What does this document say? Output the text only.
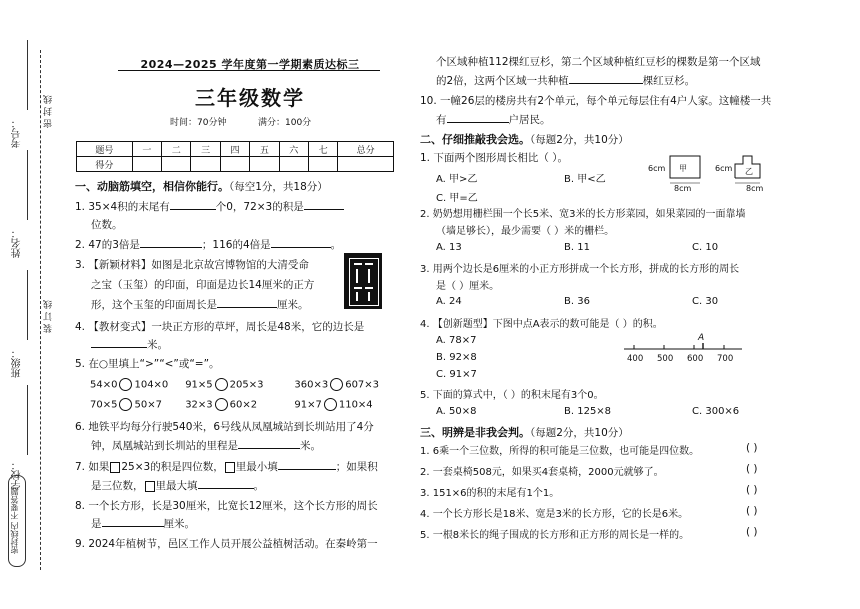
考号：
姓名：
班级：
学校：
密 封 线
装 订 线
密封线内 不要答题
2024—2025 学年度第一学期素质达标三
三年级数学
时间：70分钟	满分：100分
题号	一	二	三	四	五	六	七	总分
得分								
一、动脑筋填空，相信你能行。（每空1分，共18分）
1. 35×4积的末尾有	个0，72×3的积是
位数。
2. 47的3倍是	；116的4倍是	。
3. 【新颖材料】如图是北京故宫博物馆的大清受命
之宝（玉玺）的印面，印面是边长14厘米的正方
形，这个玉玺的印面周长是	厘米。
4. 【教材变式】一块正方形的草坪，周长是48米，它的边长是
米。
5. 在○里填上“>”“<”或“=”。
54×0 104×0 91×5 205×3	360×3 607×3
70×5 50×7 32×3 60×2	91×7 110×4
6. 地铁平均每分行驶540米，6号线从凤凰城站到长圳站用了4分
钟，凤凰城站到长圳站的里程是	米。
7. 如果 25×3的积是四位数， 里最小填	；如果积
是三位数， 里最大填	。
8. 一个长方形，长是30厘米，比宽长12厘米，这个长方形的周长
是	厘米。
9. 2024年植树节，邑区工作人员开展公益植树活动。在秦岭第一
个区域种植112棵红豆杉，第二个区域种植红豆杉的棵数是第一个区域
的2倍，这两个区域一共种植	棵红豆杉。
10. 一幢26层的楼房共有2个单元，每个单元每层住有4户人家。这幢楼一共
有	户居民。
二、仔细推敲我会选。（每题2分，共10分）
1. 下面两个图形周长相比（ ）。
A. 甲>乙	B. 甲<乙
C. 甲=乙
6cm 甲
8cm
6cm 乙
8cm
2. 奶奶想用栅栏围一个长5米、宽3米的长方形菜园，如果菜园的一面靠墙
（墙足够长），最少需要（ ）米的栅栏。
A. 13	B. 11	C. 10
3. 用两个边长是6厘米的小正方形拼成一个长方形，拼成的长方形的周长
是（ ）厘米。
A. 24	B. 36	C. 30
4. 【创新题型】下图中点A表示的数可能是（ ）的积。
A. 78×7
B. 92×8
C. 91×7
A
400 500 600 700
5. 下面的算式中，（ ）的积末尾有3个0。
A. 50×8	B. 125×8	C. 300×6
三、明辨是非我会判。（每题2分，共10分）
1. 6乘一个三位数，所得的积可能是三位数，也可能是四位数。	( )
2. 一套桌椅508元，如果买4套桌椅，2000元就够了。	( )
3. 151×6的积的末尾有1个1。	( )
4. 一个长方形长是18米、宽是3米的长方形，它的长是6米。	( )
5. 一根8米长的绳子围成的长方形和正方形的周长是一样的。	( )
